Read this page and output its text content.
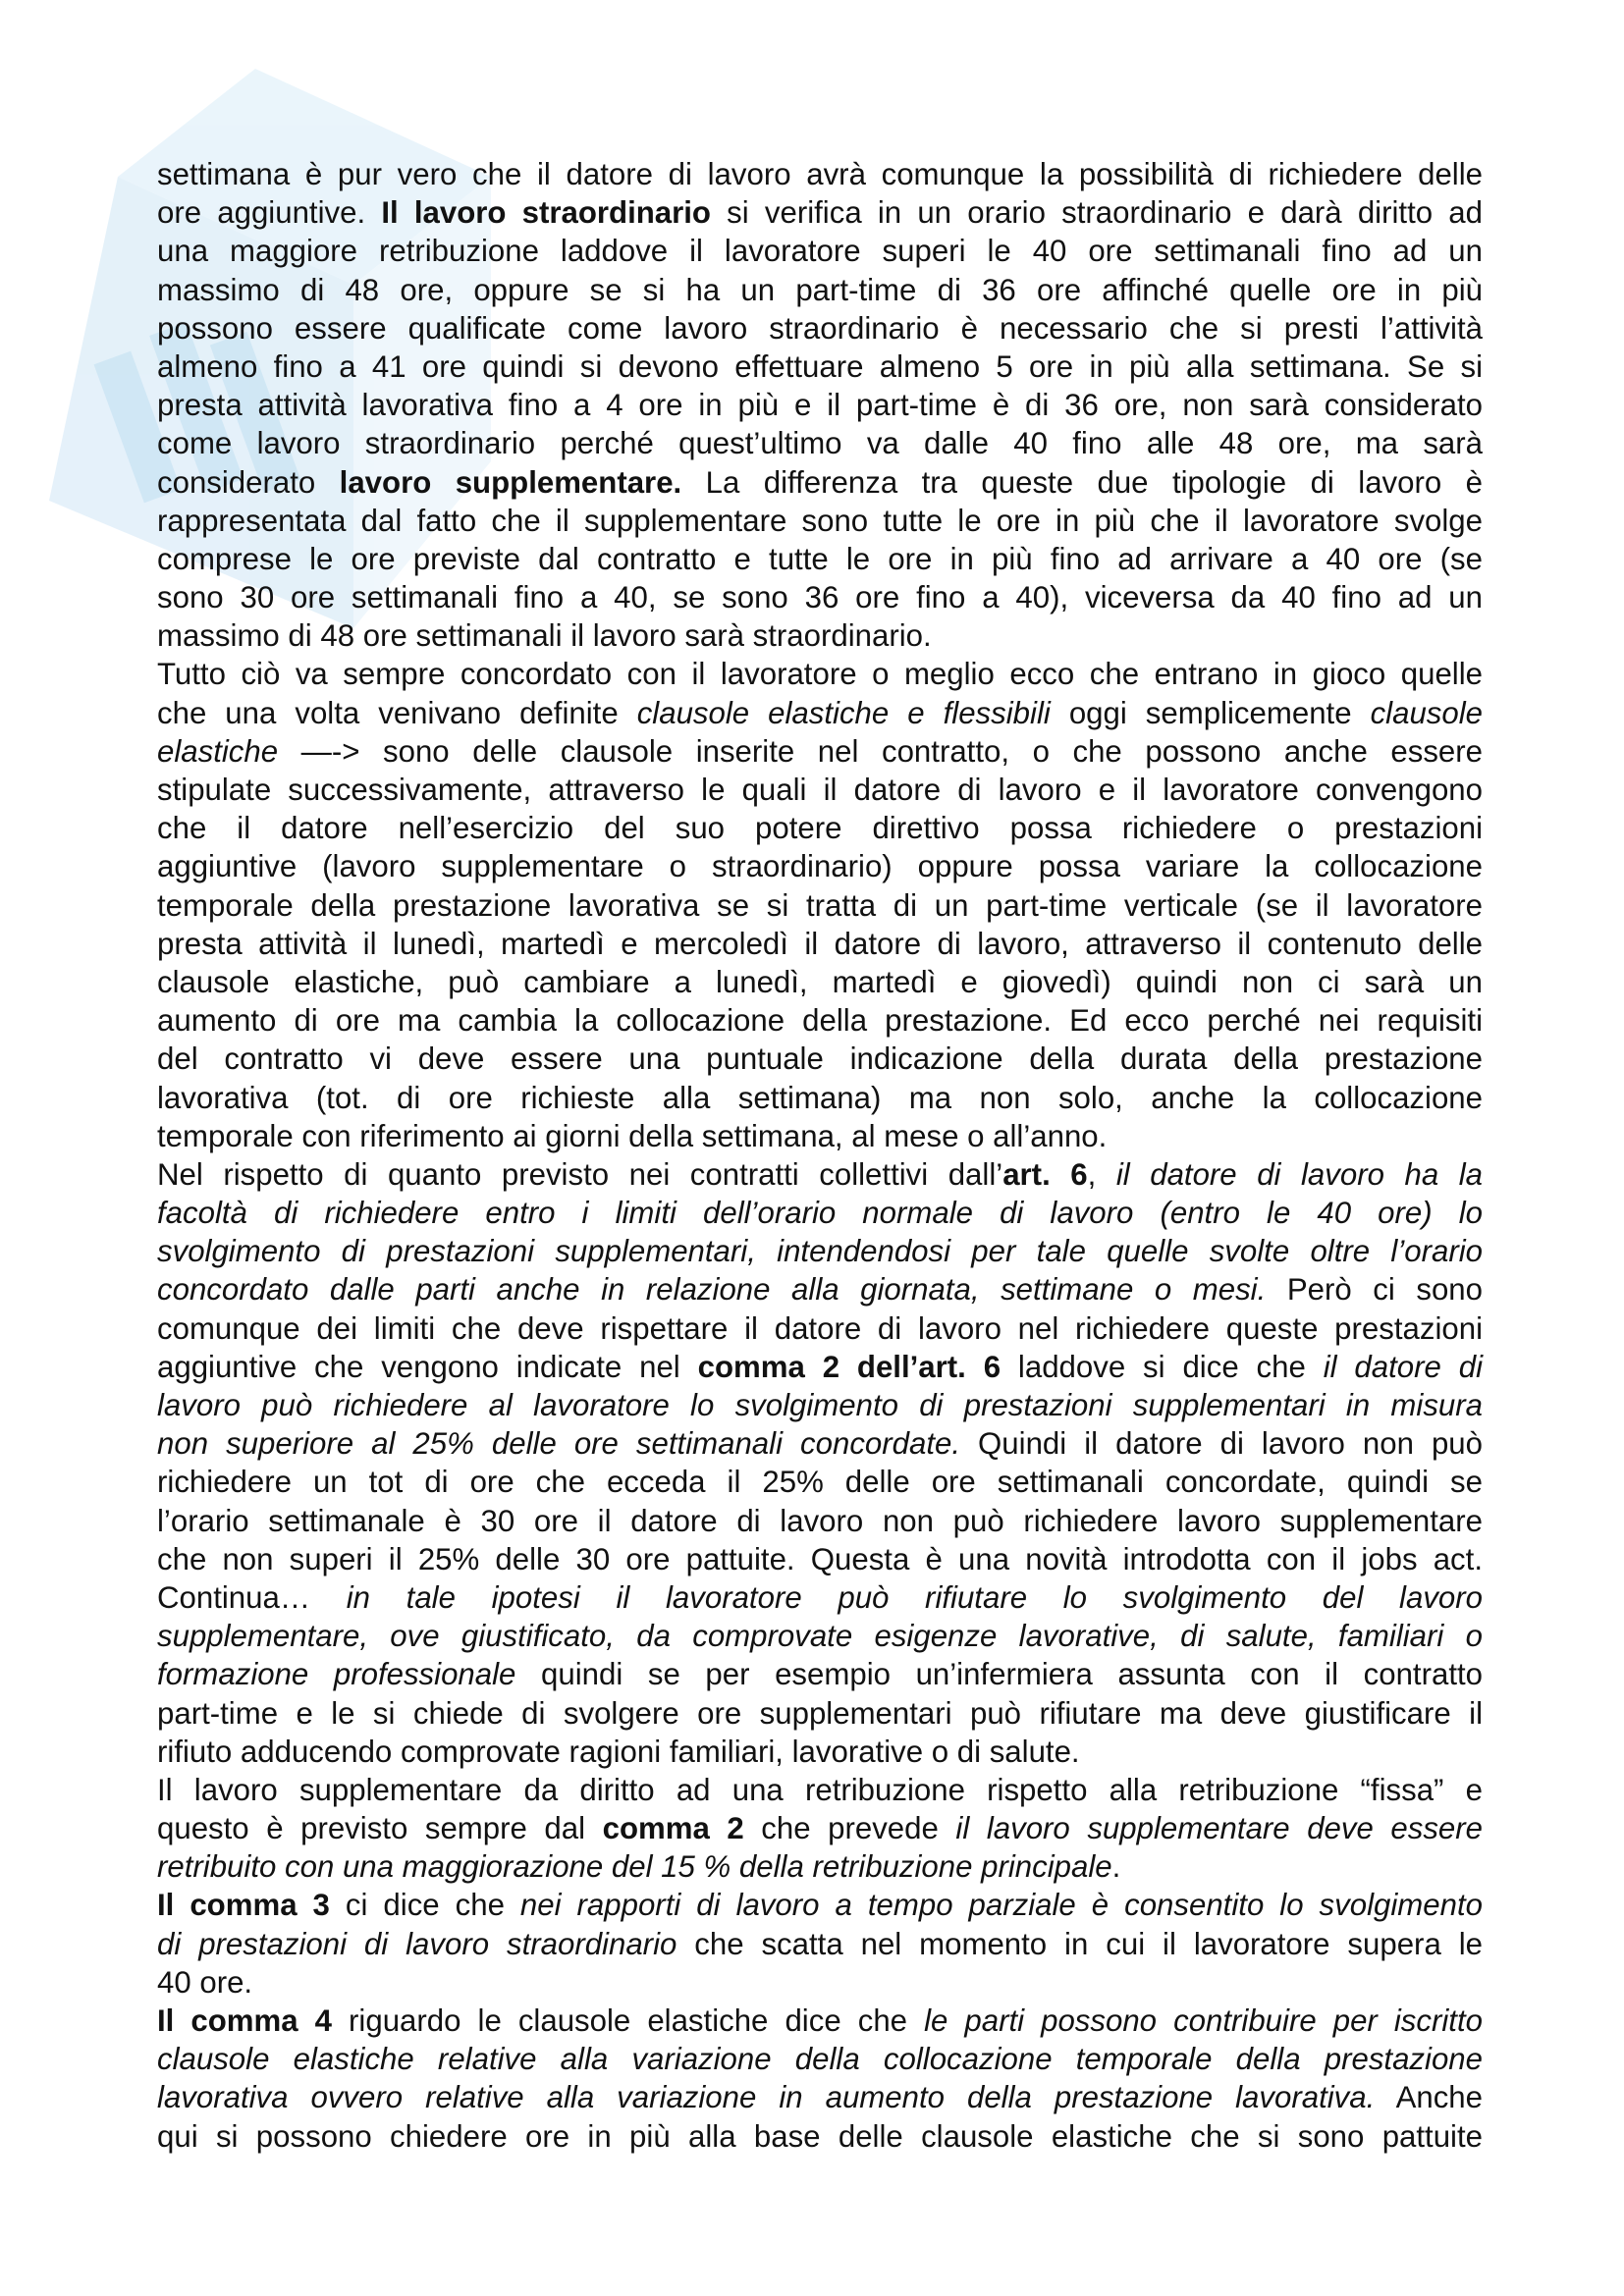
settimana è pur vero che il datore di lavoro avrà comunque la possibilità di richiedere delle
ore aggiuntive. Il lavoro straordinario si verifica in un orario straordinario e darà diritto ad
una maggiore retribuzione laddove il lavoratore superi le 40 ore settimanali fino ad un
massimo di 48 ore, oppure se si ha un part-time di 36 ore affinché quelle ore in più
possono essere qualificate come lavoro straordinario è necessario che si presti l’attività
almeno fino a 41 ore quindi si devono effettuare almeno 5 ore in più alla settimana. Se si
presta attività lavorativa fino a 4 ore in più e il part-time è di 36 ore, non sarà considerato
come lavoro straordinario perché quest’ultimo va dalle 40 fino alle 48 ore, ma sarà
considerato lavoro supplementare. La differenza tra queste due tipologie di lavoro è
rappresentata dal fatto che il supplementare sono tutte le ore in più che il lavoratore svolge
comprese le ore previste dal contratto e tutte le ore in più fino ad arrivare a 40 ore (se
sono 30 ore settimanali fino a 40, se sono 36 ore fino a 40), viceversa da 40 fino ad un
massimo di 48 ore settimanali il lavoro sarà straordinario.
Tutto ciò va sempre concordato con il lavoratore o meglio ecco che entrano in gioco quelle
che una volta venivano definite clausole elastiche e flessibili oggi semplicemente clausole
elastiche —-> sono delle clausole inserite nel contratto, o che possono anche essere
stipulate successivamente, attraverso le quali il datore di lavoro e il lavoratore convengono
che il datore nell’esercizio del suo potere direttivo possa richiedere o prestazioni
aggiuntive (lavoro supplementare o straordinario) oppure possa variare la collocazione
temporale della prestazione lavorativa se si tratta di un part-time verticale (se il lavoratore
presta attività il lunedì, martedì e mercoledì il datore di lavoro, attraverso il contenuto delle
clausole elastiche, può cambiare a lunedì, martedì e giovedì) quindi non ci sarà un
aumento di ore ma cambia la collocazione della prestazione. Ed ecco perché nei requisiti
del contratto vi deve essere una puntuale indicazione della durata della prestazione
lavorativa (tot. di ore richieste alla settimana) ma non solo, anche la collocazione
temporale con riferimento ai giorni della settimana, al mese o all’anno.
Nel rispetto di quanto previsto nei contratti collettivi dall’art. 6, il datore di lavoro ha la
facoltà di richiedere entro i limiti dell’orario normale di lavoro (entro le 40 ore) lo
svolgimento di prestazioni supplementari, intendendosi per tale quelle svolte oltre l’orario
concordato dalle parti anche in relazione alla giornata, settimane o mesi. Però ci sono
comunque dei limiti che deve rispettare il datore di lavoro nel richiedere queste prestazioni
aggiuntive che vengono indicate nel comma 2 dell’art. 6 laddove si dice che il datore di
lavoro può richiedere al lavoratore lo svolgimento di prestazioni supplementari in misura
non superiore al 25% delle ore settimanali concordate. Quindi il datore di lavoro non può
richiedere un tot di ore che ecceda il 25% delle ore settimanali concordate, quindi se
l’orario settimanale è 30 ore il datore di lavoro non può richiedere lavoro supplementare
che non superi il 25% delle 30 ore pattuite. Questa è una novità introdotta con il jobs act.
Continua… in tale ipotesi il lavoratore può rifiutare lo svolgimento del lavoro
supplementare, ove giustificato, da comprovate esigenze lavorative, di salute, familiari o
formazione professionale quindi se per esempio un’infermiera assunta con il contratto
part-time e le si chiede di svolgere ore supplementari può rifiutare ma deve giustificare il
rifiuto adducendo comprovate ragioni familiari, lavorative o di salute.
Il lavoro supplementare da diritto ad una retribuzione rispetto alla retribuzione “fissa” e
questo è previsto sempre dal comma 2 che prevede il lavoro supplementare deve essere
retribuito con una maggiorazione del 15 % della retribuzione principale.
Il comma 3 ci dice che nei rapporti di lavoro a tempo parziale è consentito lo svolgimento
di prestazioni di lavoro straordinario che scatta nel momento in cui il lavoratore supera le
40 ore.
Il comma 4 riguardo le clausole elastiche dice che le parti possono contribuire per iscritto
clausole elastiche relative alla variazione della collocazione temporale della prestazione
lavorativa ovvero relative alla variazione in aumento della prestazione lavorativa. Anche
qui si possono chiedere ore in più alla base delle clausole elastiche che si sono pattuite
